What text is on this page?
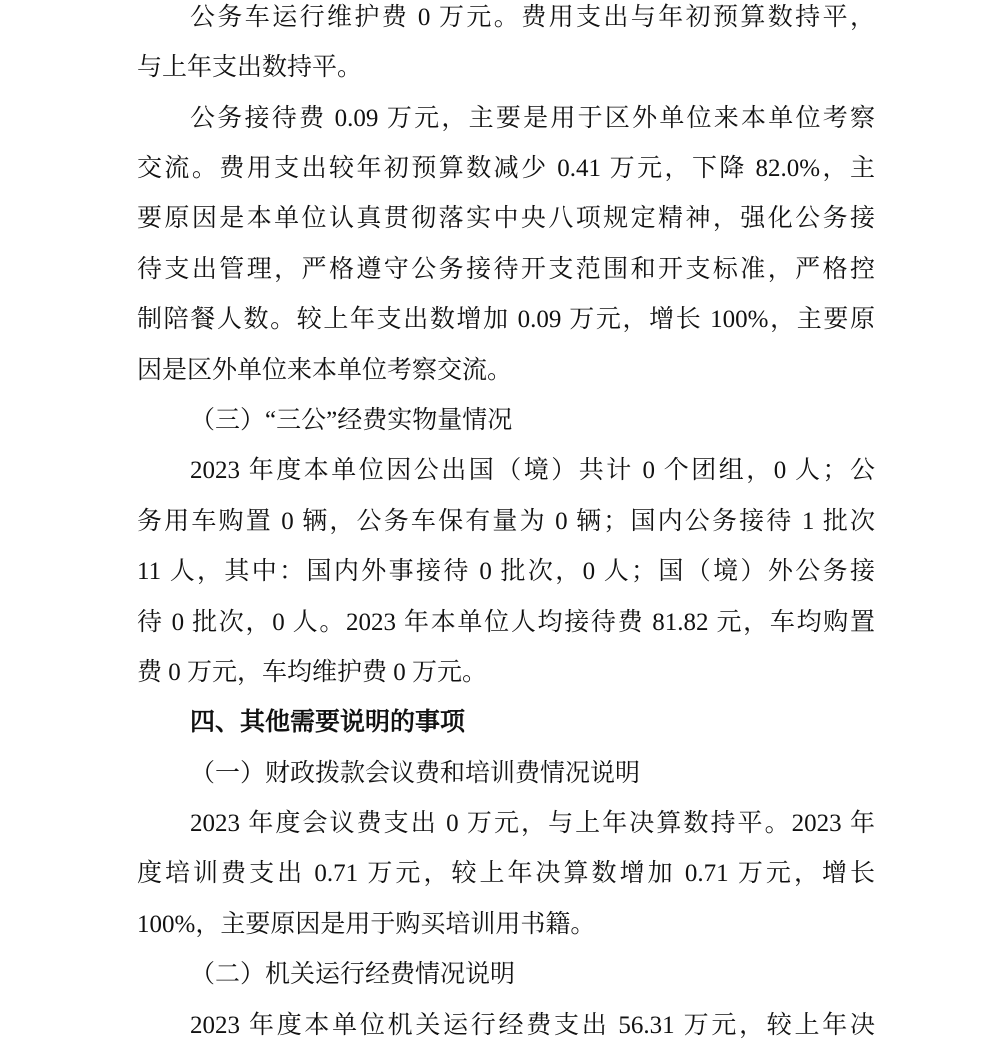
公务车运行维护费 0 万元。费用支出与年初预算数持平，
与上年支出数持平。
公务接待费 0.09 万元，主要是用于区外单位来本单位考察
交流。费用支出较年初预算数减少 0.41 万元，下降 82.0%，主
要原因是本单位认真贯彻落实中央八项规定精神，强化公务接
待支出管理，严格遵守公务接待开支范围和开支标准，严格控
制陪餐人数。较上年支出数增加 0.09 万元，增长 100%，主要原
因是区外单位来本单位考察交流。
（三）“三公”经费实物量情况
2023 年度本单位因公出国（境）共计 0 个团组，0 人；公
务用车购置 0 辆，公务车保有量为 0 辆；国内公务接待 1 批次
11 人，其中：国内外事接待 0 批次，0 人；国（境）外公务接
待 0 批次，0 人。2023 年本单位人均接待费 81.82 元，车均购置
费 0 万元，车均维护费 0 万元。
四、其他需要说明的事项
（一）财政拨款会议费和培训费情况说明
2023 年度会议费支出 0 万元，与上年决算数持平。2023 年
度培训费支出 0.71 万元，较上年决算数增加 0.71 万元，增长
100%，主要原因是用于购买培训用书籍。
（二）机关运行经费情况说明
2023 年度本单位机关运行经费支出 56.31 万元，较上年决
